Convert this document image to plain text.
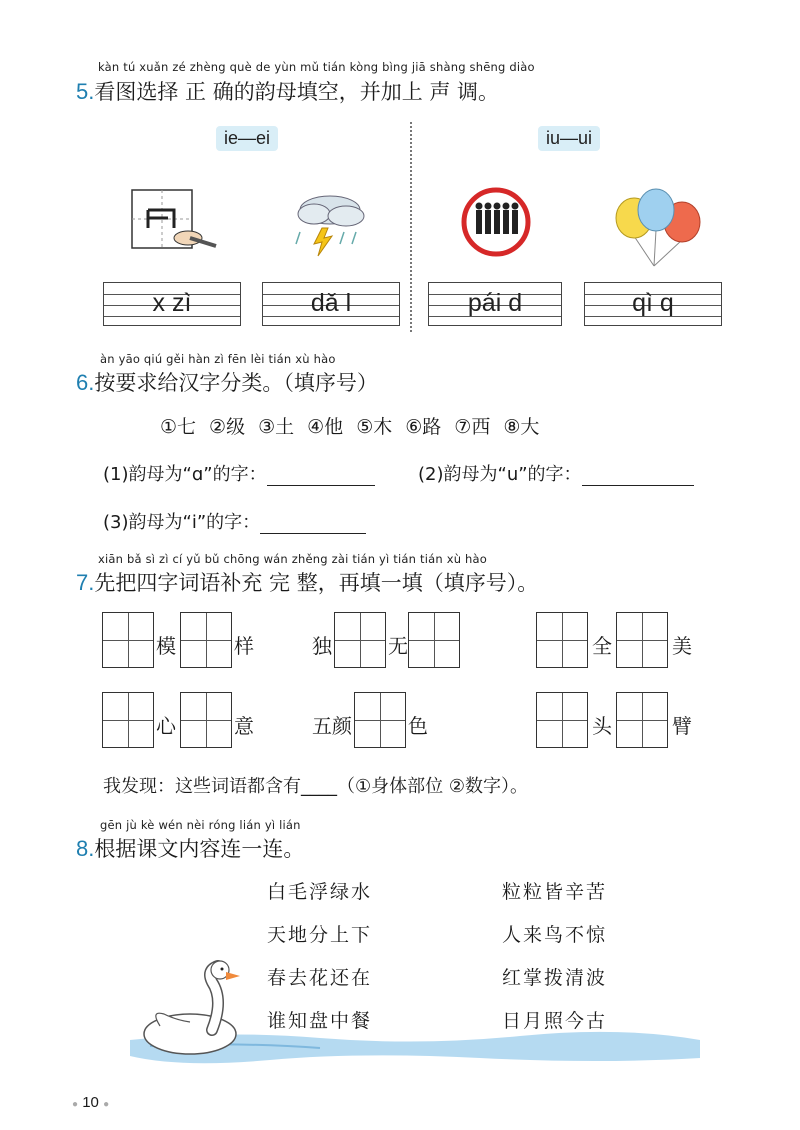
kàn tú xuǎn zé zhèng què de yùn mǔ tián kòng bìng jiā shàng shēng diào
5.看图选择 正 确的韵母填空，并加上 声 调。
ie—ei	iu—ui
x zì	dǎ l	pái d	qì q
àn yāo qiú gěi hàn zì fēn lèi tián xù hào
6.按要求给汉字分类。（填序号）
①七 ②级 ③土 ④他 ⑤木 ⑥路 ⑦西 ⑧大
(1)韵母为“ɑ”的字：	(2)韵母为“u”的字：
(3)韵母为“i”的字：
xiān bǎ sì zì cí yǔ bǔ chōng wán zhěng zài tián yì tián tián xù hào
7.先把四字词语补充 完 整，再填一填（填序号）。
模	样	独	无	全	美
心	意	五颜	色	头	臂
我发现：这些词语都含有____（①身体部位 ②数字）。
gēn jù kè wén nèi róng lián yì lián
8.根据课文内容连一连。
白毛浮绿水
天地分上下
春去花还在
谁知盘中餐
粒粒皆辛苦
人来鸟不惊
红掌拨清波
日月照今古
● 10 ●
